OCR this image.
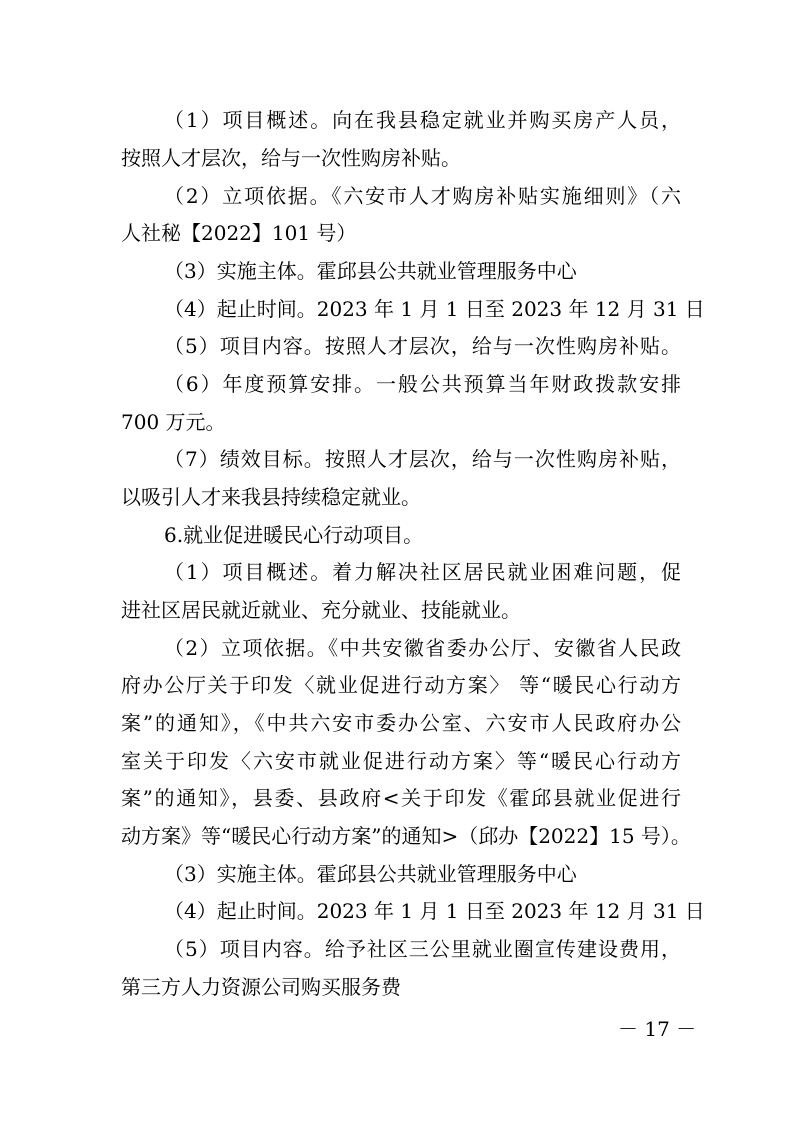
（1）项目概述。向在我县稳定就业并购买房产人员，
按照人才层次，给与一次性购房补贴。
（2）立项依据。《六安市人才购房补贴实施细则》（六
人社秘【2022】101 号）
（3）实施主体。霍邱县公共就业管理服务中心
（4）起止时间。2023 年 1 月 1 日至 2023 年 12 月 31 日
（5）项目内容。按照人才层次，给与一次性购房补贴。
（6）年度预算安排。一般公共预算当年财政拨款安排
700 万元。
（7）绩效目标。按照人才层次，给与一次性购房补贴，
以吸引人才来我县持续稳定就业。
6.就业促进暖民心行动项目。
（1）项目概述。着力解决社区居民就业困难问题，促
进社区居民就近就业、充分就业、技能就业。
（2）立项依据。《中共安徽省委办公厅、安徽省人民政
府办公厅关于印发〈就业促进行动方案〉 等“暖民心行动方
案”的通知》，《中共六安市委办公室、六安市人民政府办公
室关于印发〈六安市就业促进行动方案〉等“暖民心行动方
案”的通知》，县委、县政府<关于印发《霍邱县就业促进行
动方案》等“暖民心行动方案”的通知>（邱办【2022】15 号）。
（3）实施主体。霍邱县公共就业管理服务中心
（4）起止时间。2023 年 1 月 1 日至 2023 年 12 月 31 日
（5）项目内容。给予社区三公里就业圈宣传建设费用，
第三方人力资源公司购买服务费
－ 17 －
